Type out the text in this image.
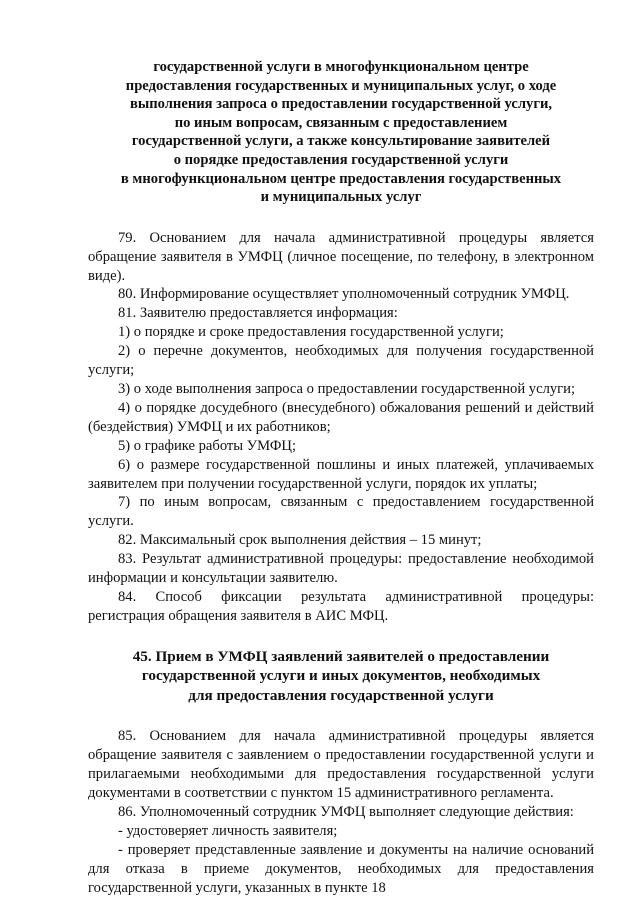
государственной услуги в многофункциональном центре
предоставления государственных и муниципальных услуг, о ходе
выполнения запроса о предоставлении государственной услуги,
по иным вопросам, связанным с предоставлением
государственной услуги, а также консультирование заявителей
о порядке предоставления государственной услуги
в многофункциональном центре предоставления государственных
и муниципальных услуг

79. Основанием для начала административной процедуры является обращение заявителя в УМФЦ (личное посещение, по телефону, в электронном виде).

80. Информирование осуществляет уполномоченный сотрудник УМФЦ.

81. Заявителю предоставляется информация:

1) о порядке и сроке предоставления государственной услуги;

2) о перечне документов, необходимых для получения государственной услуги;

3) о ходе выполнения запроса о предоставлении государственной услуги;

4) о порядке досудебного (внесудебного) обжалования решений и действий (бездействия) УМФЦ и их работников;

5) о графике работы УМФЦ;

6) о размере государственной пошлины и иных платежей, уплачиваемых заявителем при получении государственной услуги, порядок их уплаты;

7) по иным вопросам, связанным с предоставлением государственной услуги.

82. Максимальный срок выполнения действия – 15 минут;

83. Результат административной процедуры: предоставление необходимой информации и консультации заявителю.

84. Способ фиксации результата административной процедуры: регистрация обращения заявителя в АИС МФЦ.

45. Прием в УМФЦ заявлений заявителей о предоставлении
государственной услуги и иных документов, необходимых
для предоставления государственной услуги

85. Основанием для начала административной процедуры является обращение заявителя с заявлением о предоставлении государственной услуги и прилагаемыми необходимыми для предоставления государственной услуги документами в соответствии с пунктом 15 административного регламента.

86. Уполномоченный сотрудник УМФЦ выполняет следующие действия:

- удостоверяет личность заявителя;

- проверяет представленные заявление и документы на наличие оснований для отказа в приеме документов, необходимых для предоставления государственной услуги, указанных в пункте 18
